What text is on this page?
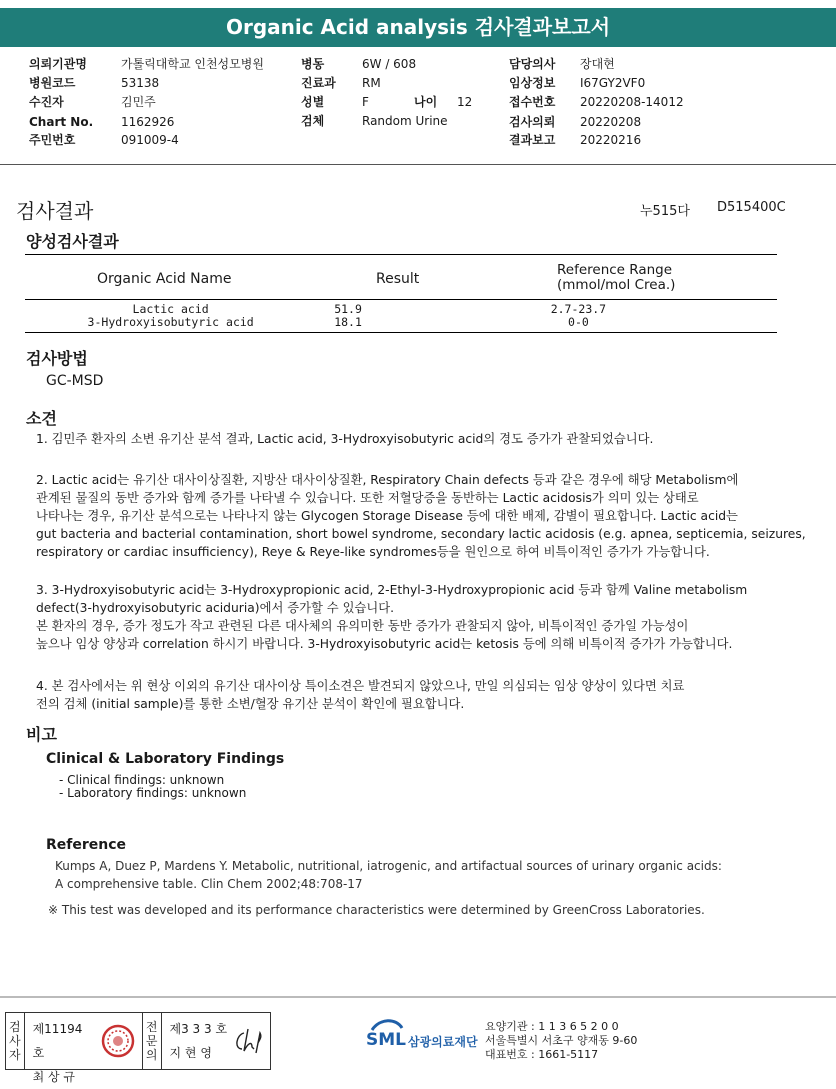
Organic Acid analysis 검사결과보고서
의뢰기관명	가톨릭대학교 인천성모병원
병원코드	53138
수진자	김민주
Chart No. 1162926
주민번호	091009-4
병동	6W / 608
진료과 RM
성별	F	나이 12
검체	Random Urine
담당의사 장대현
임상정보 I67GY2VF0
접수번호 20220208-14012
검사의뢰 20220208
결과보고 20220216
검사결과	누515다 D515400C
양성검사결과
Organic Acid Name	Result
Reference Range
(mmol/mol Crea.)
Lactic acid	51.9	2.7-23.7
3-Hydroxyisobutyric acid	18.1	0-0
검사방법
GC-MSD
소견
1. 김민주 환자의 소변 유기산 분석 결과, Lactic acid, 3-Hydroxyisobutyric acid의 경도 증가가 관찰되었습니다.
2. Lactic acid는 유기산 대사이상질환, 지방산 대사이상질환, Respiratory Chain defects 등과 같은 경우에 해당 Metabolism에
관계된 물질의 동반 증가와 함께 증가를 나타낼 수 있습니다. 또한 저혈당증을 동반하는 Lactic acidosis가 의미 있는 상태로
나타나는 경우, 유기산 분석으로는 나타나지 않는 Glycogen Storage Disease 등에 대한 배제, 감별이 필요합니다. Lactic acid는
gut bacteria and bacterial contamination, short bowel syndrome, secondary lactic acidosis (e.g. apnea, septicemia, seizures,
respiratory or cardiac insufficiency), Reye & Reye-like syndromes등을 원인으로 하여 비특이적인 증가가 가능합니다.
3. 3-Hydroxyisobutyric acid는 3-Hydroxypropionic acid, 2-Ethyl-3-Hydroxypropionic acid 등과 함께 Valine metabolism
defect(3-hydroxyisobutyric aciduria)에서 증가할 수 있습니다.
본 환자의 경우, 증가 정도가 작고 관련된 다른 대사체의 유의미한 동반 증가가 관찰되지 않아, 비특이적인 증가일 가능성이
높으나 임상 양상과 correlation 하시기 바랍니다. 3-Hydroxyisobutyric acid는 ketosis 등에 의해 비특이적 증가가 가능합니다.
4. 본 검사에서는 위 현상 이외의 유기산 대사이상 특이소견은 발견되지 않았으나, 만일 의심되는 임상 양상이 있다면 치료
전의 검체 (initial sample)를 통한 소변/혈장 유기산 분석이 확인에 필요합니다.
비고
Clinical & Laboratory Findings
- Clinical findings: unknown
- Laboratory findings: unknown
Reference
Kumps A, Duez P, Mardens Y. Metabolic, nutritional, iatrogenic, and artifactual sources of urinary organic acids:
A comprehensive table. Clin Chem 2002;48:708-17
※ This test was developed and its performance characteristics were determined by GreenCross Laboratories.
검
사
자
제11194호
최 상 규
전
문
의
제3 3 3 호
지 현 영
SML 삼광의료재단
요양기관 : 1 1 3 6 5 2 0 0
서울특별시 서초구 양재동 9-60
대표번호 : 1661-5117
